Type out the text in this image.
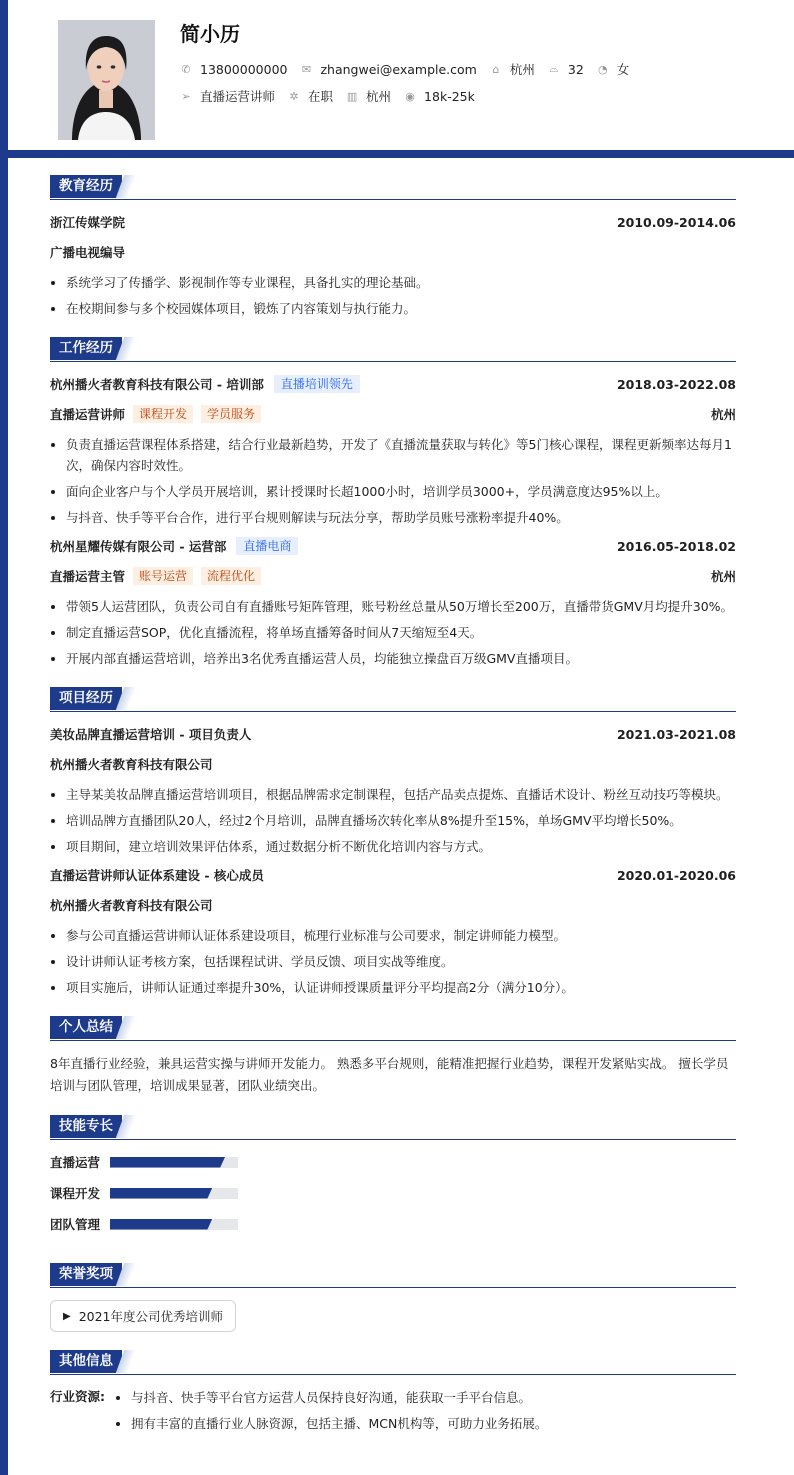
简小历
✆ 13800000000 ✉ zhangwei@example.com ⌂ 杭州 ⌓ 32 ◔ 女
➢ 直播运营讲师 ✲ 在职 ▥ 杭州 ◉ 18k-25k
教育经历
浙江传媒学院	2010.09-2014.06
广播电视编导
• 系统学习了传播学、影视制作等专业课程，具备扎实的理论基础。
• 在校期间参与多个校园媒体项目，锻炼了内容策划与执行能力。
工作经历
杭州播火者教育科技有限公司 - 培训部	直播培训领先	2018.03-2022.08
直播运营讲师	课程开发	学员服务	杭州
• 负责直播运营课程体系搭建，结合行业最新趋势，开发了《直播流量获取与转化》等5门核心课程，课程更新频率达每月1次，确保内容时效性。
• 面向企业客户与个人学员开展培训，累计授课时长超1000小时，培训学员3000+，学员满意度达95%以上。
• 与抖音、快手等平台合作，进行平台规则解读与玩法分享，帮助学员账号涨粉率提升40%。
杭州星耀传媒有限公司 - 运营部	直播电商	2016.05-2018.02
直播运营主管	账号运营	流程优化	杭州
• 带领5人运营团队，负责公司自有直播账号矩阵管理，账号粉丝总量从50万增长至200万，直播带货GMV月均提升30%。
• 制定直播运营SOP，优化直播流程，将单场直播筹备时间从7天缩短至4天。
• 开展内部直播运营培训，培养出3名优秀直播运营人员，均能独立操盘百万级GMV直播项目。
项目经历
美妆品牌直播运营培训 - 项目负责人	2021.03-2021.08
杭州播火者教育科技有限公司
• 主导某美妆品牌直播运营培训项目，根据品牌需求定制课程，包括产品卖点提炼、直播话术设计、粉丝互动技巧等模块。
• 培训品牌方直播团队20人，经过2个月培训，品牌直播场次转化率从8%提升至15%，单场GMV平均增长50%。
• 项目期间，建立培训效果评估体系，通过数据分析不断优化培训内容与方式。
直播运营讲师认证体系建设 - 核心成员	2020.01-2020.06
杭州播火者教育科技有限公司
• 参与公司直播运营讲师认证体系建设项目，梳理行业标准与公司要求，制定讲师能力模型。
• 设计讲师认证考核方案，包括课程试讲、学员反馈、项目实战等维度。
• 项目实施后，讲师认证通过率提升30%，认证讲师授课质量评分平均提高2分（满分10分）。
个人总结

8年直播行业经验，兼具运营实操与讲师开发能力。 熟悉多平台规则，能精准把握行业趋势，课程开发紧贴实战。 擅长学员培训与团队管理，培训成果显著，团队业绩突出。

技能专长
直播运营
课程开发
团队管理
荣誉奖项
▶ 2021年度公司优秀培训师
其他信息
行业资源:
• 与抖音、快手等平台官方运营人员保持良好沟通，能获取一手平台信息。
• 拥有丰富的直播行业人脉资源，包括主播、MCN机构等，可助力业务拓展。
